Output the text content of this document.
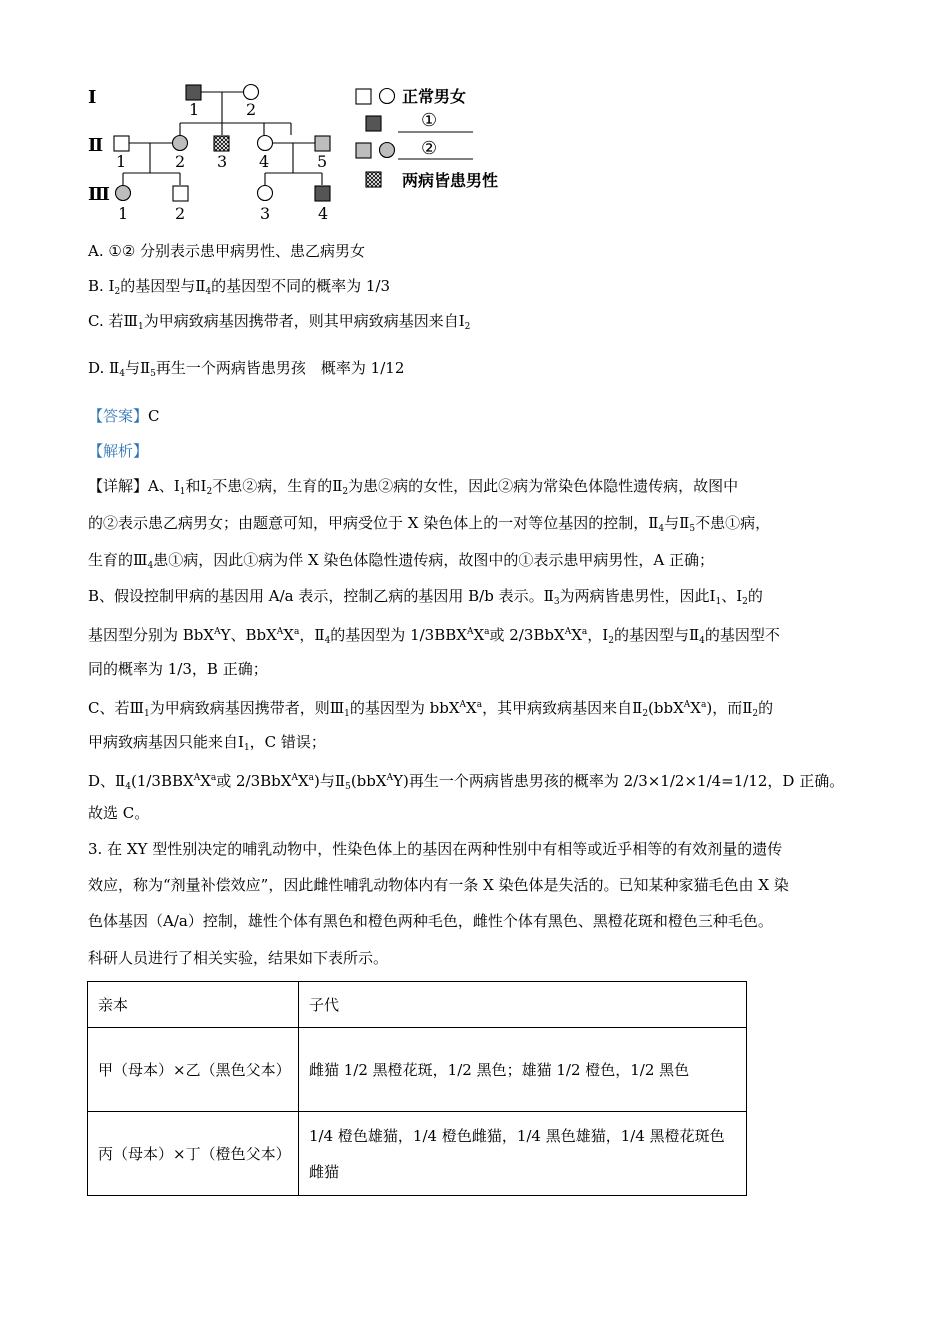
Ⅰ
Ⅱ
Ⅲ
1	2
1	2 3 4	5
1	2	3	4
正常男女
①
②
两病皆患男性
A. ①② 分别表示患甲病男性、患乙病男女
B. $Ⅰ_2$的基因型与$Ⅱ_4$的基因型不同的概率为 1/3
C. 若$Ⅲ_1$为甲病致病基因携带者，则其甲病致病基因来自$Ⅰ_2$
D. $Ⅱ_4$与$Ⅱ_5$再生一个两病皆患男孩　概率为 1/12
【答案】C
【解析】
【详解】A、$Ⅰ_1$和$Ⅰ_2$不患②病，生育的$Ⅱ_2$为患②病的女性，因此②病为常染色体隐性遗传病，故图中
的②表示患乙病男女；由题意可知，甲病受位于 X 染色体上的一对等位基因的控制，$Ⅱ_4$与$Ⅱ_5$不患①病，
生育的$Ⅲ_4$患①病，因此①病为伴 X 染色体隐性遗传病，故图中的①表示患甲病男性，A 正确；
B、假设控制甲病的基因用 A/a 表示，控制乙病的基因用 B/b 表示。$Ⅱ_3$为两病皆患男性，因此$Ⅰ_1$、$Ⅰ_2$的
基因型分别为 BbX$^A$Y、$BbX^AX^a$，$Ⅱ_4$的基因型为 $1/3BBX^AX^a$或 $2/3BbX^AX^a$，$Ⅰ_2$的基因型与$Ⅱ_4$的基因型不
同的概率为 1/3，B 正确；
C、若$Ⅲ_1$为甲病致病基因携带者，则$Ⅲ_1$的基因型为 $bbX^AX^a$，其甲病致病基因来自$Ⅱ_2(bbX^AX^a)$，而$Ⅱ_2$的
甲病致病基因只能来自$Ⅰ_1$，C 错误；
D、$Ⅱ_4(1/3BBX^AX^a$或 $2/3BbX^AX^a$)与$Ⅱ_5(bbX^AY)$再生一个两病皆患男孩的概率为 2/3×1/2×1/4=1/12，D 正确。
故选 C。
3. 在 XY 型性别决定的哺乳动物中，性染色体上的基因在两种性别中有相等或近乎相等的有效剂量的遗传
效应，称为“剂量补偿效应”，因此雌性哺乳动物体内有一条 X 染色体是失活的。已知某种家猫毛色由 X 染
色体基因（A/a）控制，雄性个体有黑色和橙色两种毛色，雌性个体有黑色、黑橙花斑和橙色三种毛色。
科研人员进行了相关实验，结果如下表所示。
亲本	子代
甲（母本）×乙（黑色父本）	雌猫 1/2 黑橙花斑，1/2 黑色；雄猫 1/2 橙色，1/2 黑色
丙（母本）×丁（橙色父本）	1/4 橙色雄猫，1/4 橙色雌猫，1/4 黑色雄猫，1/4 黑橙花斑色雌猫
